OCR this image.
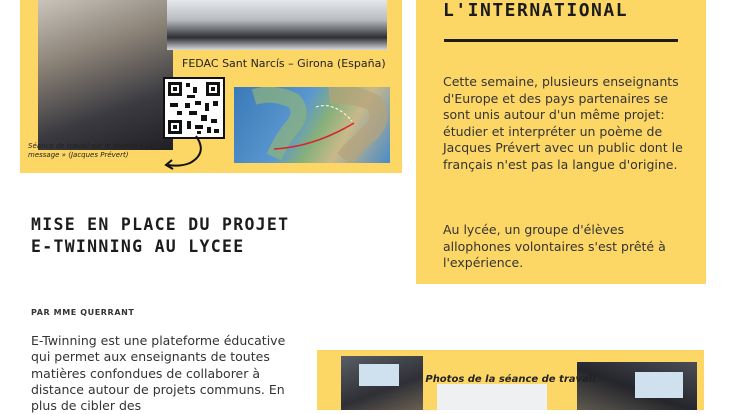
FEDAC Sant Narcís – Girona (España)
Séance de travail sur le poème « Le message » (Jacques Prévert)
L'INTERNATIONAL
Cette semaine, plusieurs enseignants d'Europe et des pays partenaires se sont unis autour d'un même projet: étudier et interpréter un poème de Jacques Prévert avec un public dont le français n'est pas la langue d'origine.
Au lycée, un groupe d'élèves allophones volontaires s'est prêté à l'expérience.
MISE EN PLACE DU PROJET E-TWINNING AU LYCEE
PAR MME QUERRANT
E-Twinning est une plateforme éducative qui permet aux enseignants de toutes matières confondues de collaborer à distance autour de projets communs. En plus de cibler des
Photos de la séance de travail
